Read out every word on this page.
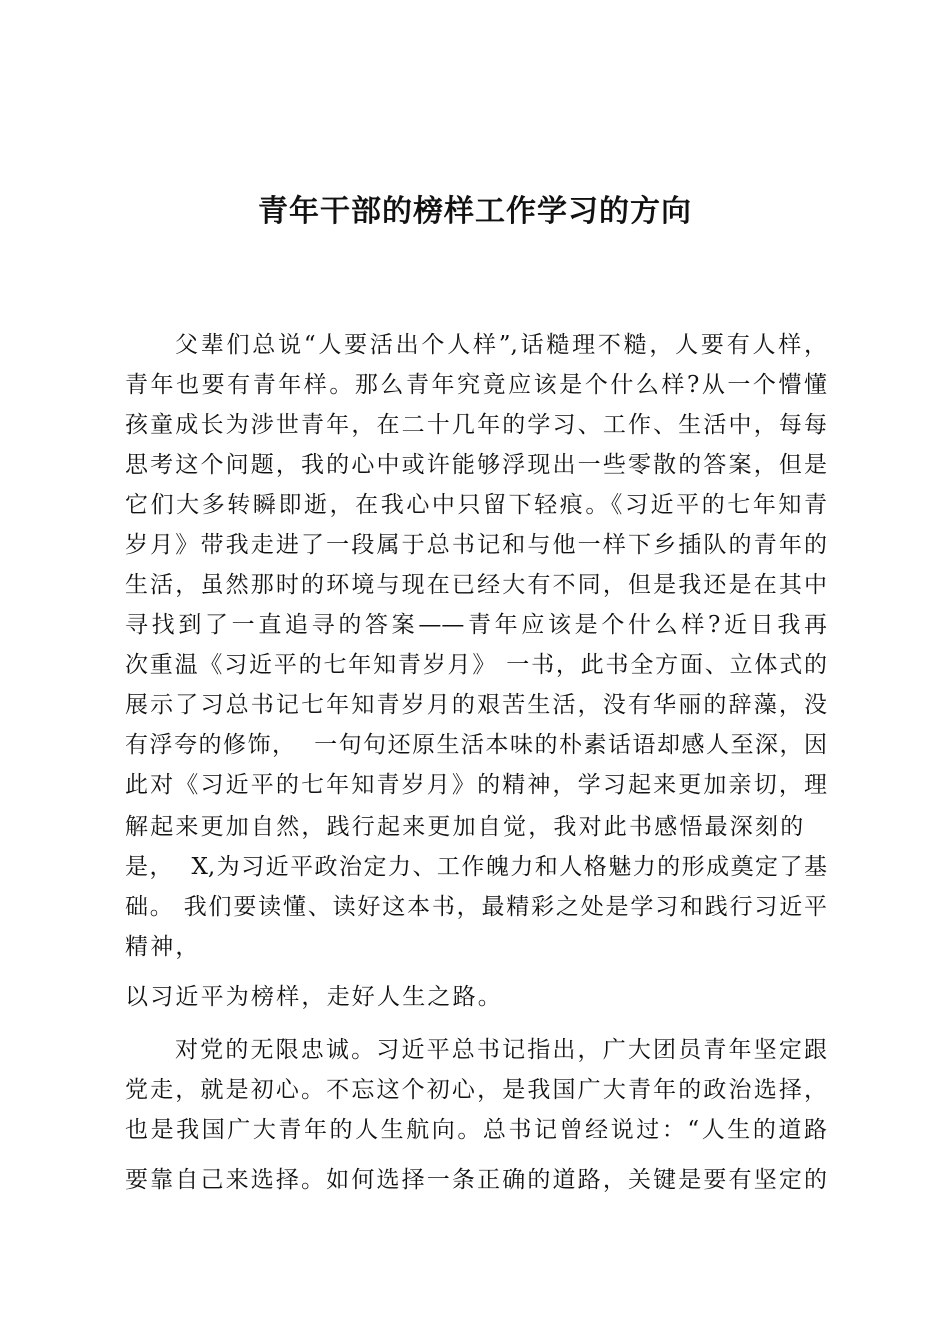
青年干部的榜样工作学习的方向

父辈们总说“人要活出个人样”,话糙理不糙，人要有人样，

青年也要有青年样。那么青年究竟应该是个什么样?从一个懵懂

孩童成长为涉世青年，在二十几年的学习、工作、生活中，每每

思考这个问题，我的心中或许能够浮现出一些零散的答案，但是

它们大多转瞬即逝，在我心中只留下轻痕。《习近平的七年知青

岁月》带我走进了一段属于总书记和与他一样下乡插队的青年的

生活，虽然那时的环境与现在已经大有不同，但是我还是在其中

寻找到了一直追寻的答案——青年应该是个什么样?近日我再

次重温《习近平的七年知青岁月》 一书，此书全方面、立体式的

展示了习总书记七年知青岁月的艰苦生活，没有华丽的辞藻，没

有浮夸的修饰，  一句句还原生活本味的朴素话语却感人至深，因

此对《习近平的七年知青岁月》的精神，学习起来更加亲切，理

解起来更加自然，践行起来更加自觉，我对此书感悟最深刻的

是，  X,为习近平政治定力、工作魄力和人格魅力的形成奠定了基

础。 我们要读懂、读好这本书，最精彩之处是学习和践行习近平

精神，

以习近平为榜样，走好人生之路。

对党的无限忠诚。习近平总书记指出，广大团员青年坚定跟

党走，就是初心。不忘这个初心，是我国广大青年的政治选择，

也是我国广大青年的人生航向。总书记曾经说过：“人生的道路

要靠自己来选择。如何选择一条正确的道路，关键是要有坚定的
